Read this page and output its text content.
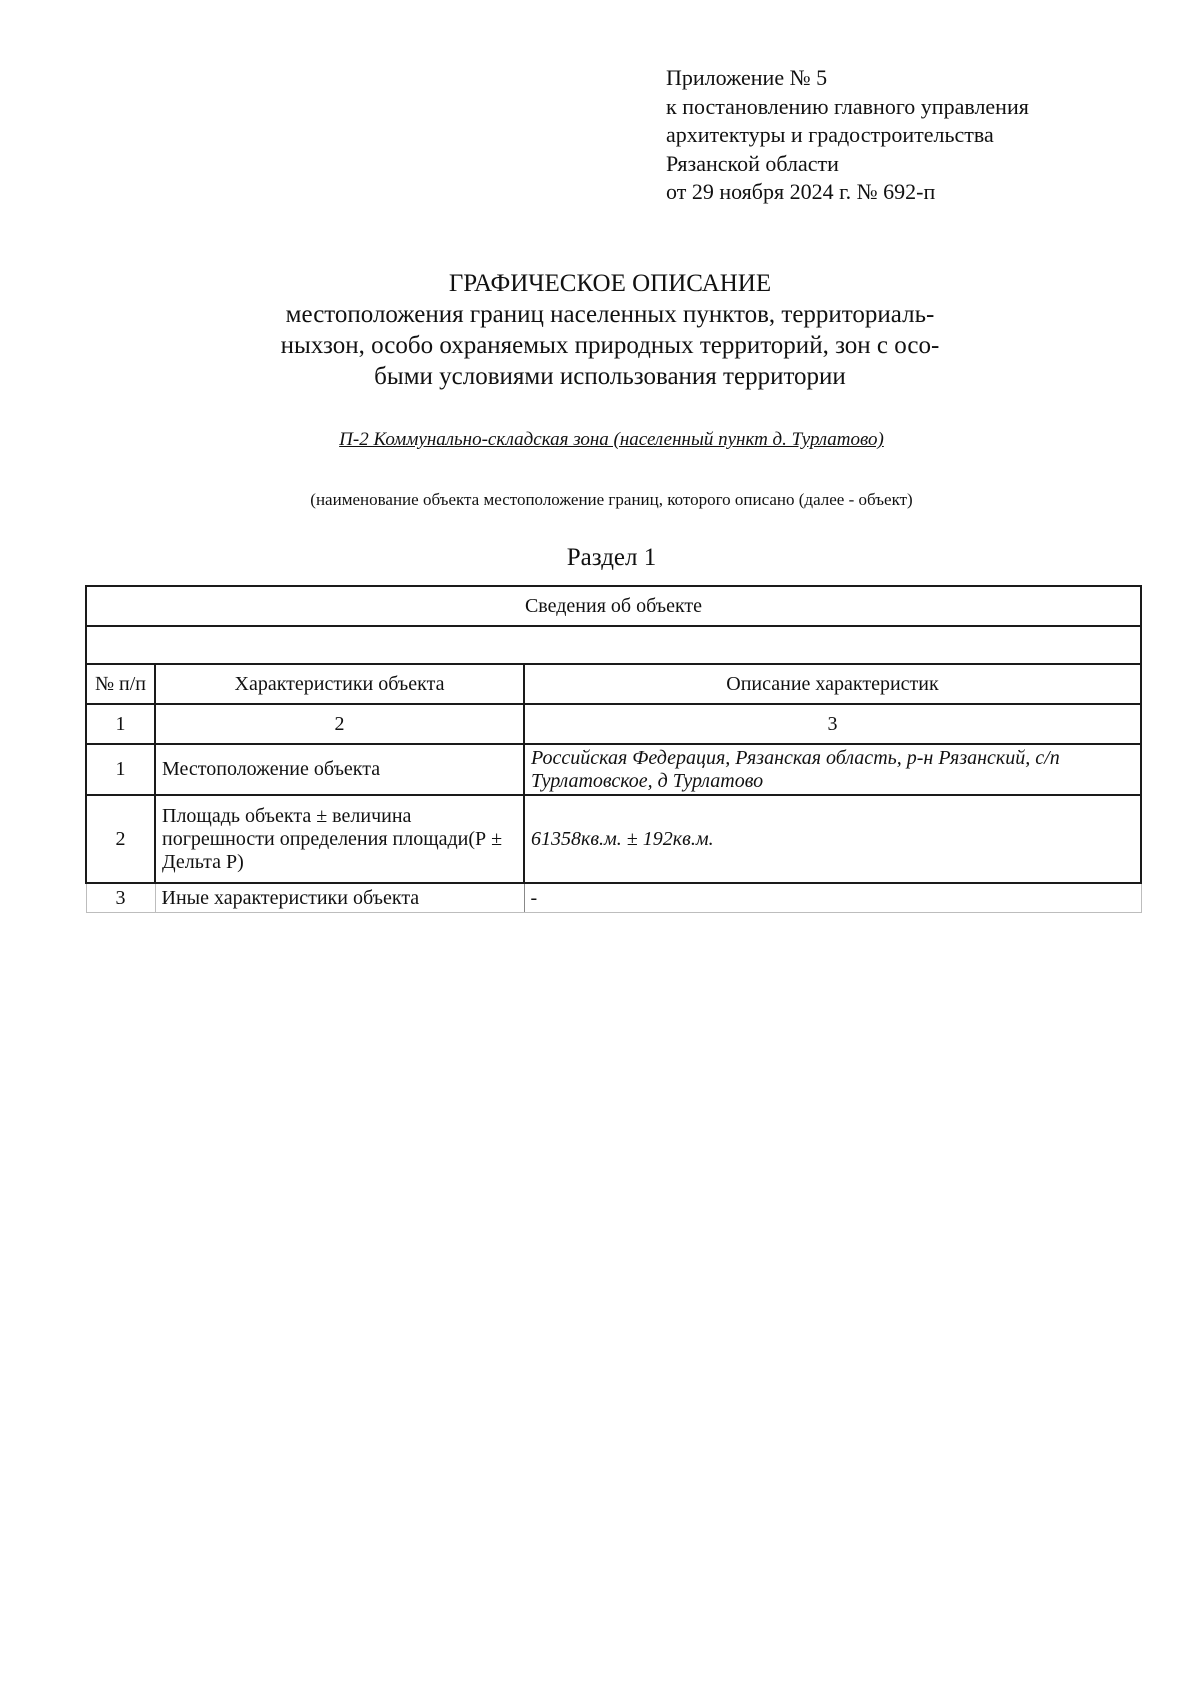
Приложение № 5
к постановлению главного управления
архитектуры и градостроительства
Рязанской области
от 29 ноября 2024 г. № 692-п
ГРАФИЧЕСКОЕ ОПИСАНИЕ
местоположения границ населенных пунктов, территориаль-
ныхзон, особо охраняемых природных территорий, зон с осо-
быми условиями использования территории
П-2 Коммунально-складская зона (населенный пункт д. Турлатово)
(наименование объекта местоположение границ, которого описано (далее - объект)
Раздел 1
Сведения об объекте		

№ п/п	Характеристики объекта	Описание характеристик
1	2	3
1	Местоположение объекта	Российская Федерация, Рязанская область, р-н Рязанский, с/п Турлатовское, д Турлатово
2	Площадь объекта ± величина погрешности определения площади(Р ± Дельта Р)	61358кв.м. ± 192кв.м.
3	Иные характеристики объекта	-
